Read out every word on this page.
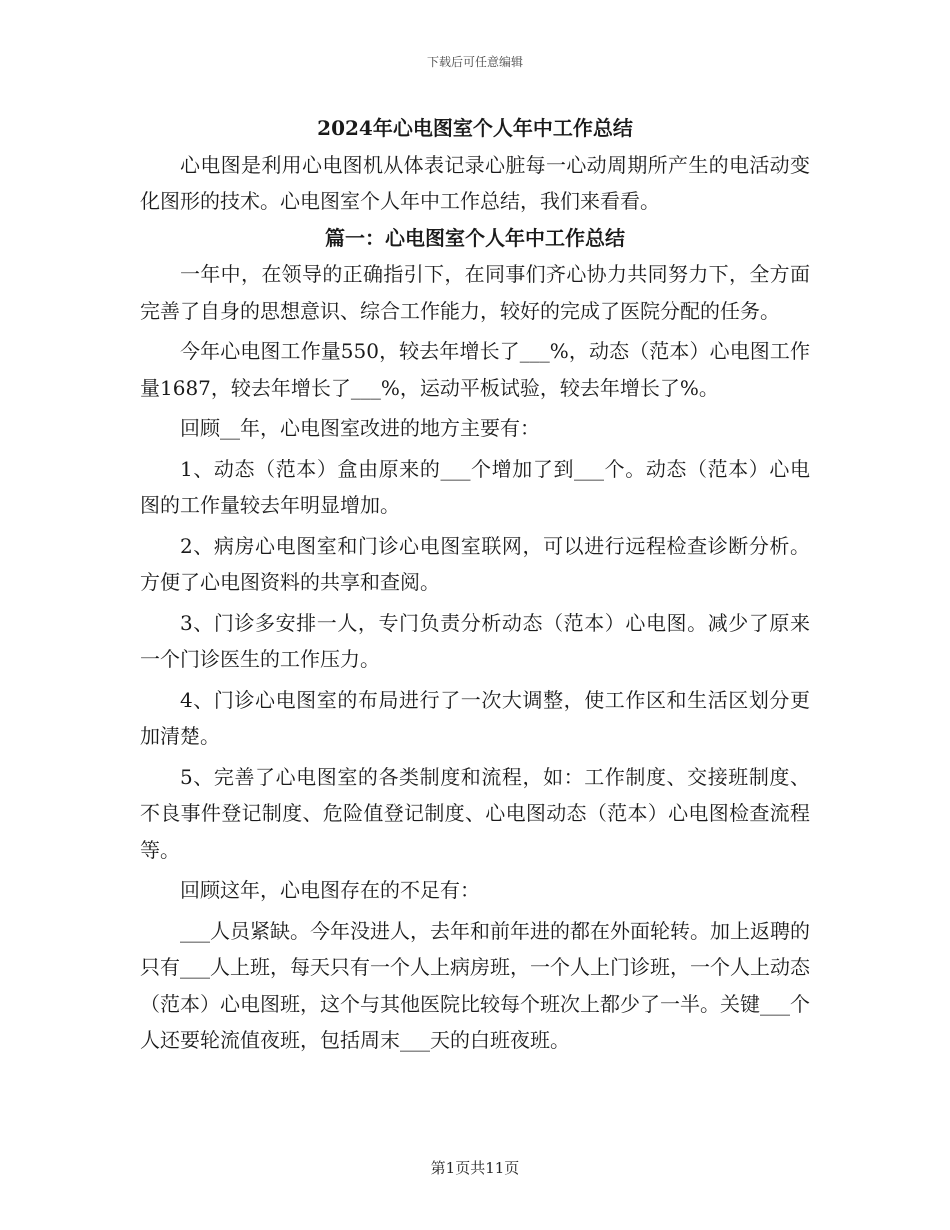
下载后可任意编辑

2024年心电图室个人年中工作总结

心电图是利用心电图机从体表记录心脏每一心动周期所产生的电活动变化图形的技术。心电图室个人年中工作总结，我们来看看。

篇一：心电图室个人年中工作总结

一年中，在领导的正确指引下，在同事们齐心协力共同努力下，全方面完善了自身的思想意识、综合工作能力，较好的完成了医院分配的任务。

今年心电图工作量550，较去年增长了___%，动态（范本）心电图工作量1687，较去年增长了___%，运动平板试验，较去年增长了%。

回顾__年，心电图室改进的地方主要有：

1、动态（范本）盒由原来的___个增加了到___个。动态（范本）心电图的工作量较去年明显增加。

2、病房心电图室和门诊心电图室联网，可以进行远程检查诊断分析。方便了心电图资料的共享和查阅。

3、门诊多安排一人，专门负责分析动态（范本）心电图。减少了原来一个门诊医生的工作压力。

4、门诊心电图室的布局进行了一次大调整，使工作区和生活区划分更加清楚。

5、完善了心电图室的各类制度和流程，如：工作制度、交接班制度、不良事件登记制度、危险值登记制度、心电图动态（范本）心电图检查流程等。

回顾这年，心电图存在的不足有：

___人员紧缺。今年没进人，去年和前年进的都在外面轮转。加上返聘的只有___人上班，每天只有一个人上病房班，一个人上门诊班，一个人上动态（范本）心电图班，这个与其他医院比较每个班次上都少了一半。关键___个人还要轮流值夜班，包括周末___天的白班夜班。

第1页共11页
